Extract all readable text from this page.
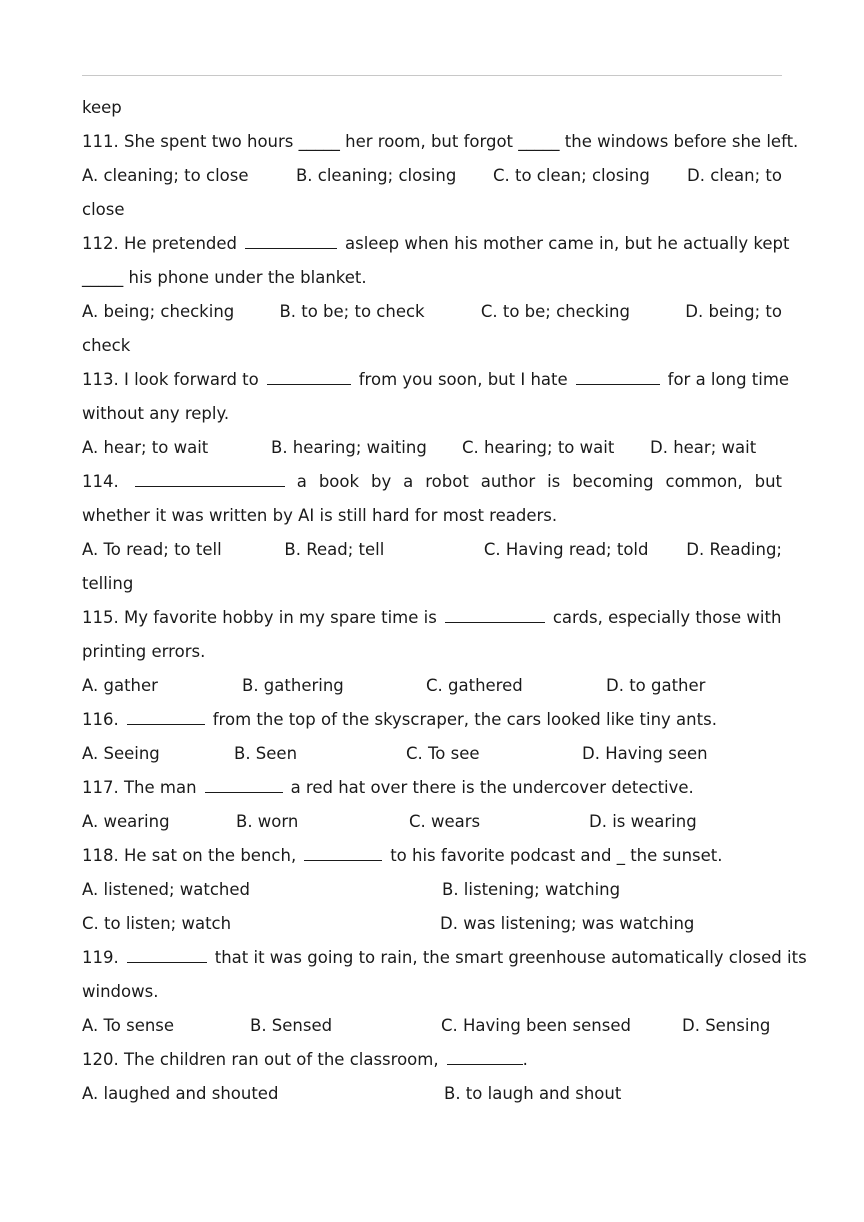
keep
111. She spent two hours _____ her room, but forgot _____ the windows before she left.
A. cleaning; to close	B. cleaning; closing	C. to clean; closing	D. clean; to
close
112. He pretended	asleep when his mother came in, but he actually kept
_____ his phone under the blanket.
A. being; checking	B. to be; to check	C. to be; checking	D. being; to
check
113. I look forward to	from you soon, but I hate	for a long time
without any reply.
A. hear; to wait	B. hearing; waiting	C. hearing; to wait	D. hear; wait
114.	a book by a robot author is becoming common, but
whether it was written by AI is still hard for most readers.
A. To read; to tell	B. Read; tell	C. Having read; told	D. Reading;
telling
115. My favorite hobby in my spare time is	cards, especially those with
printing errors.
A. gather	B. gathering	C. gathered	D. to gather
116.	from the top of the skyscraper, the cars looked like tiny ants.
A. Seeing	B. Seen	C. To see	D. Having seen
117. The man	a red hat over there is the undercover detective.
A. wearing	B. worn	C. wears	D. is wearing
118. He sat on the bench,	to his favorite podcast and _ the sunset.
A. listened; watched	B. listening; watching
C. to listen; watch	D. was listening; was watching
119.	that it was going to rain, the smart greenhouse automatically closed its
windows.
A. To sense	B. Sensed	C. Having been sensed	D. Sensing
120. The children ran out of the classroom,	.
A. laughed and shouted	B. to laugh and shout
